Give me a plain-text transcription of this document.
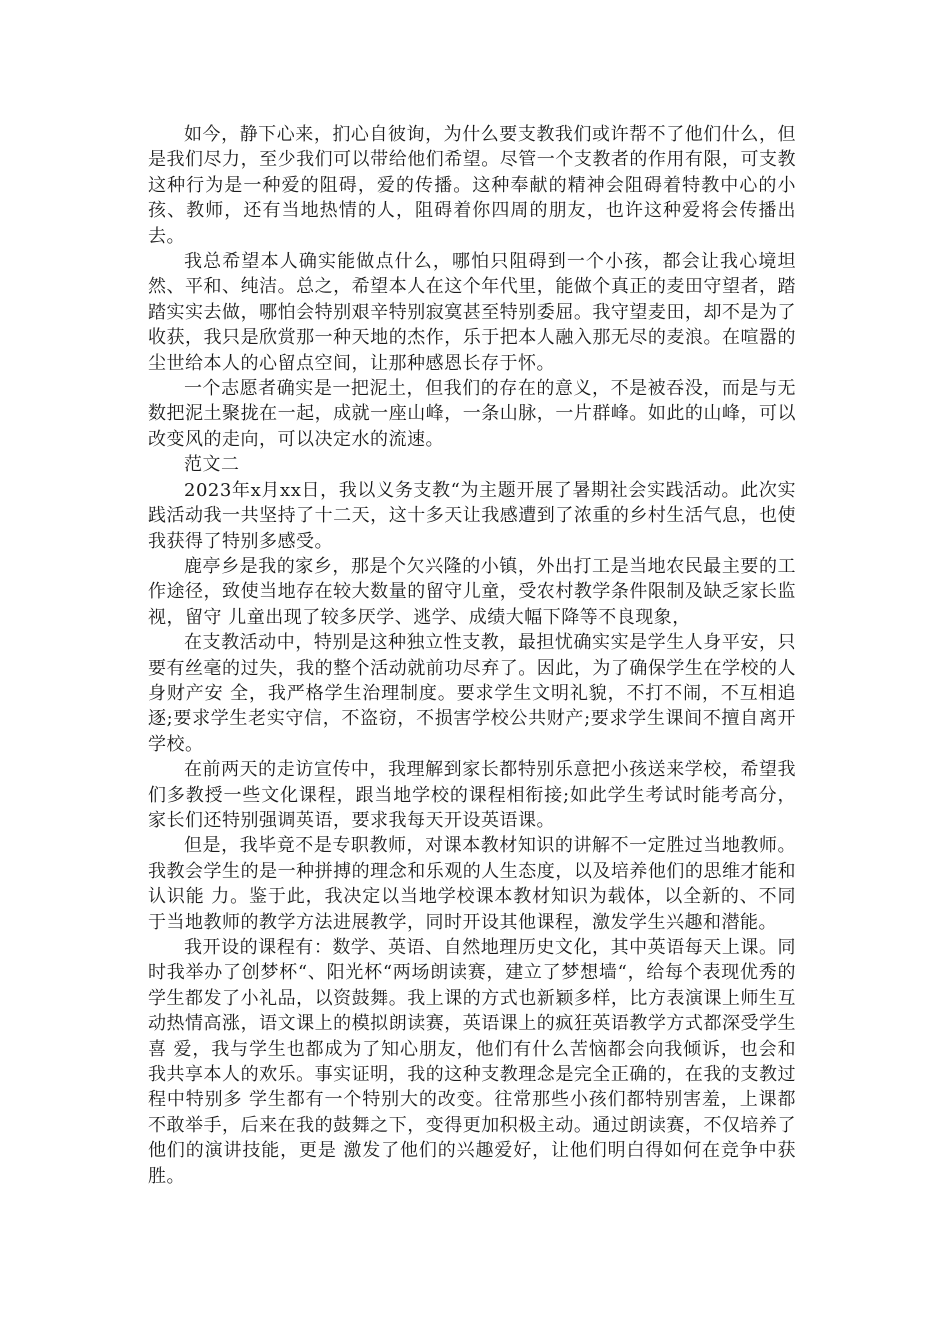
如今，静下心来，扪心自彼询，为什么要支教我们或许帮不了他们什么，但是我们尽力，至少我们可以带给他们希望。尽管一个支教者的作用有限，可支教这种行为是一种爱的阻碍，爱的传播。这种奉献的精神会阻碍着特教中心的小孩、教师，还有当地热情的人，阻碍着你四周的朋友，也许这种爱将会传播出去。

我总希望本人确实能做点什么，哪怕只阻碍到一个小孩，都会让我心境坦然、平和、纯洁。总之，希望本人在这个年代里，能做个真正的麦田守望者，踏踏实实去做，哪怕会特别艰辛特别寂寞甚至特别委屈。我守望麦田，却不是为了收获，我只是欣赏那一种天地的杰作，乐于把本人融入那无尽的麦浪。在喧嚣的尘世给本人的心留点空间，让那种感恩长存于怀。

一个志愿者确实是一把泥土，但我们的存在的意义，不是被吞没，而是与无数把泥土聚拢在一起，成就一座山峰，一条山脉，一片群峰。如此的山峰，可以改变风的走向，可以决定水的流速。

范文二

2023年x月xx日，我以义务支教“为主题开展了暑期社会实践活动。此次实践活动我一共坚持了十二天，这十多天让我感遭到了浓重的乡村生活气息，也使我获得了特别多感受。

鹿亭乡是我的家乡，那是个欠兴隆的小镇，外出打工是当地农民最主要的工作途径，致使当地存在较大数量的留守儿童，受农村教学条件限制及缺乏家长监视，留守 儿童出现了较多厌学、逃学、成绩大幅下降等不良现象，

在支教活动中，特别是这种独立性支教，最担忧确实实是学生人身平安，只要有丝毫的过失，我的整个活动就前功尽弃了。因此，为了确保学生在学校的人身财产安 全，我严格学生治理制度。要求学生文明礼貌，不打不闹，不互相追逐;要求学生老实守信，不盗窃，不损害学校公共财产;要求学生课间不擅自离开学校。

在前两天的走访宣传中，我理解到家长都特别乐意把小孩送来学校，希望我们多教授一些文化课程，跟当地学校的课程相衔接;如此学生考试时能考高分，家长们还特别强调英语，要求我每天开设英语课。

但是，我毕竟不是专职教师，对课本教材知识的讲解不一定胜过当地教师。我教会学生的是一种拼搏的理念和乐观的人生态度，以及培养他们的思维才能和认识能 力。鉴于此，我决定以当地学校课本教材知识为载体，以全新的、不同于当地教师的教学方法进展教学，同时开设其他课程，激发学生兴趣和潜能。

我开设的课程有：数学、英语、自然地理历史文化，其中英语每天上课。同时我举办了创梦杯“、阳光杯“两场朗读赛，建立了梦想墙“，给每个表现优秀的 学生都发了小礼品，以资鼓舞。我上课的方式也新颖多样，比方表演课上师生互动热情高涨，语文课上的模拟朗读赛，英语课上的疯狂英语教学方式都深受学生喜 爱，我与学生也都成为了知心朋友，他们有什么苦恼都会向我倾诉，也会和我共享本人的欢乐。事实证明，我的这种支教理念是完全正确的，在我的支教过程中特别多 学生都有一个特别大的改变。往常那些小孩们都特别害羞，上课都不敢举手，后来在我的鼓舞之下，变得更加积极主动。通过朗读赛，不仅培养了他们的演讲技能，更是 激发了他们的兴趣爱好，让他们明白得如何在竞争中获胜。
